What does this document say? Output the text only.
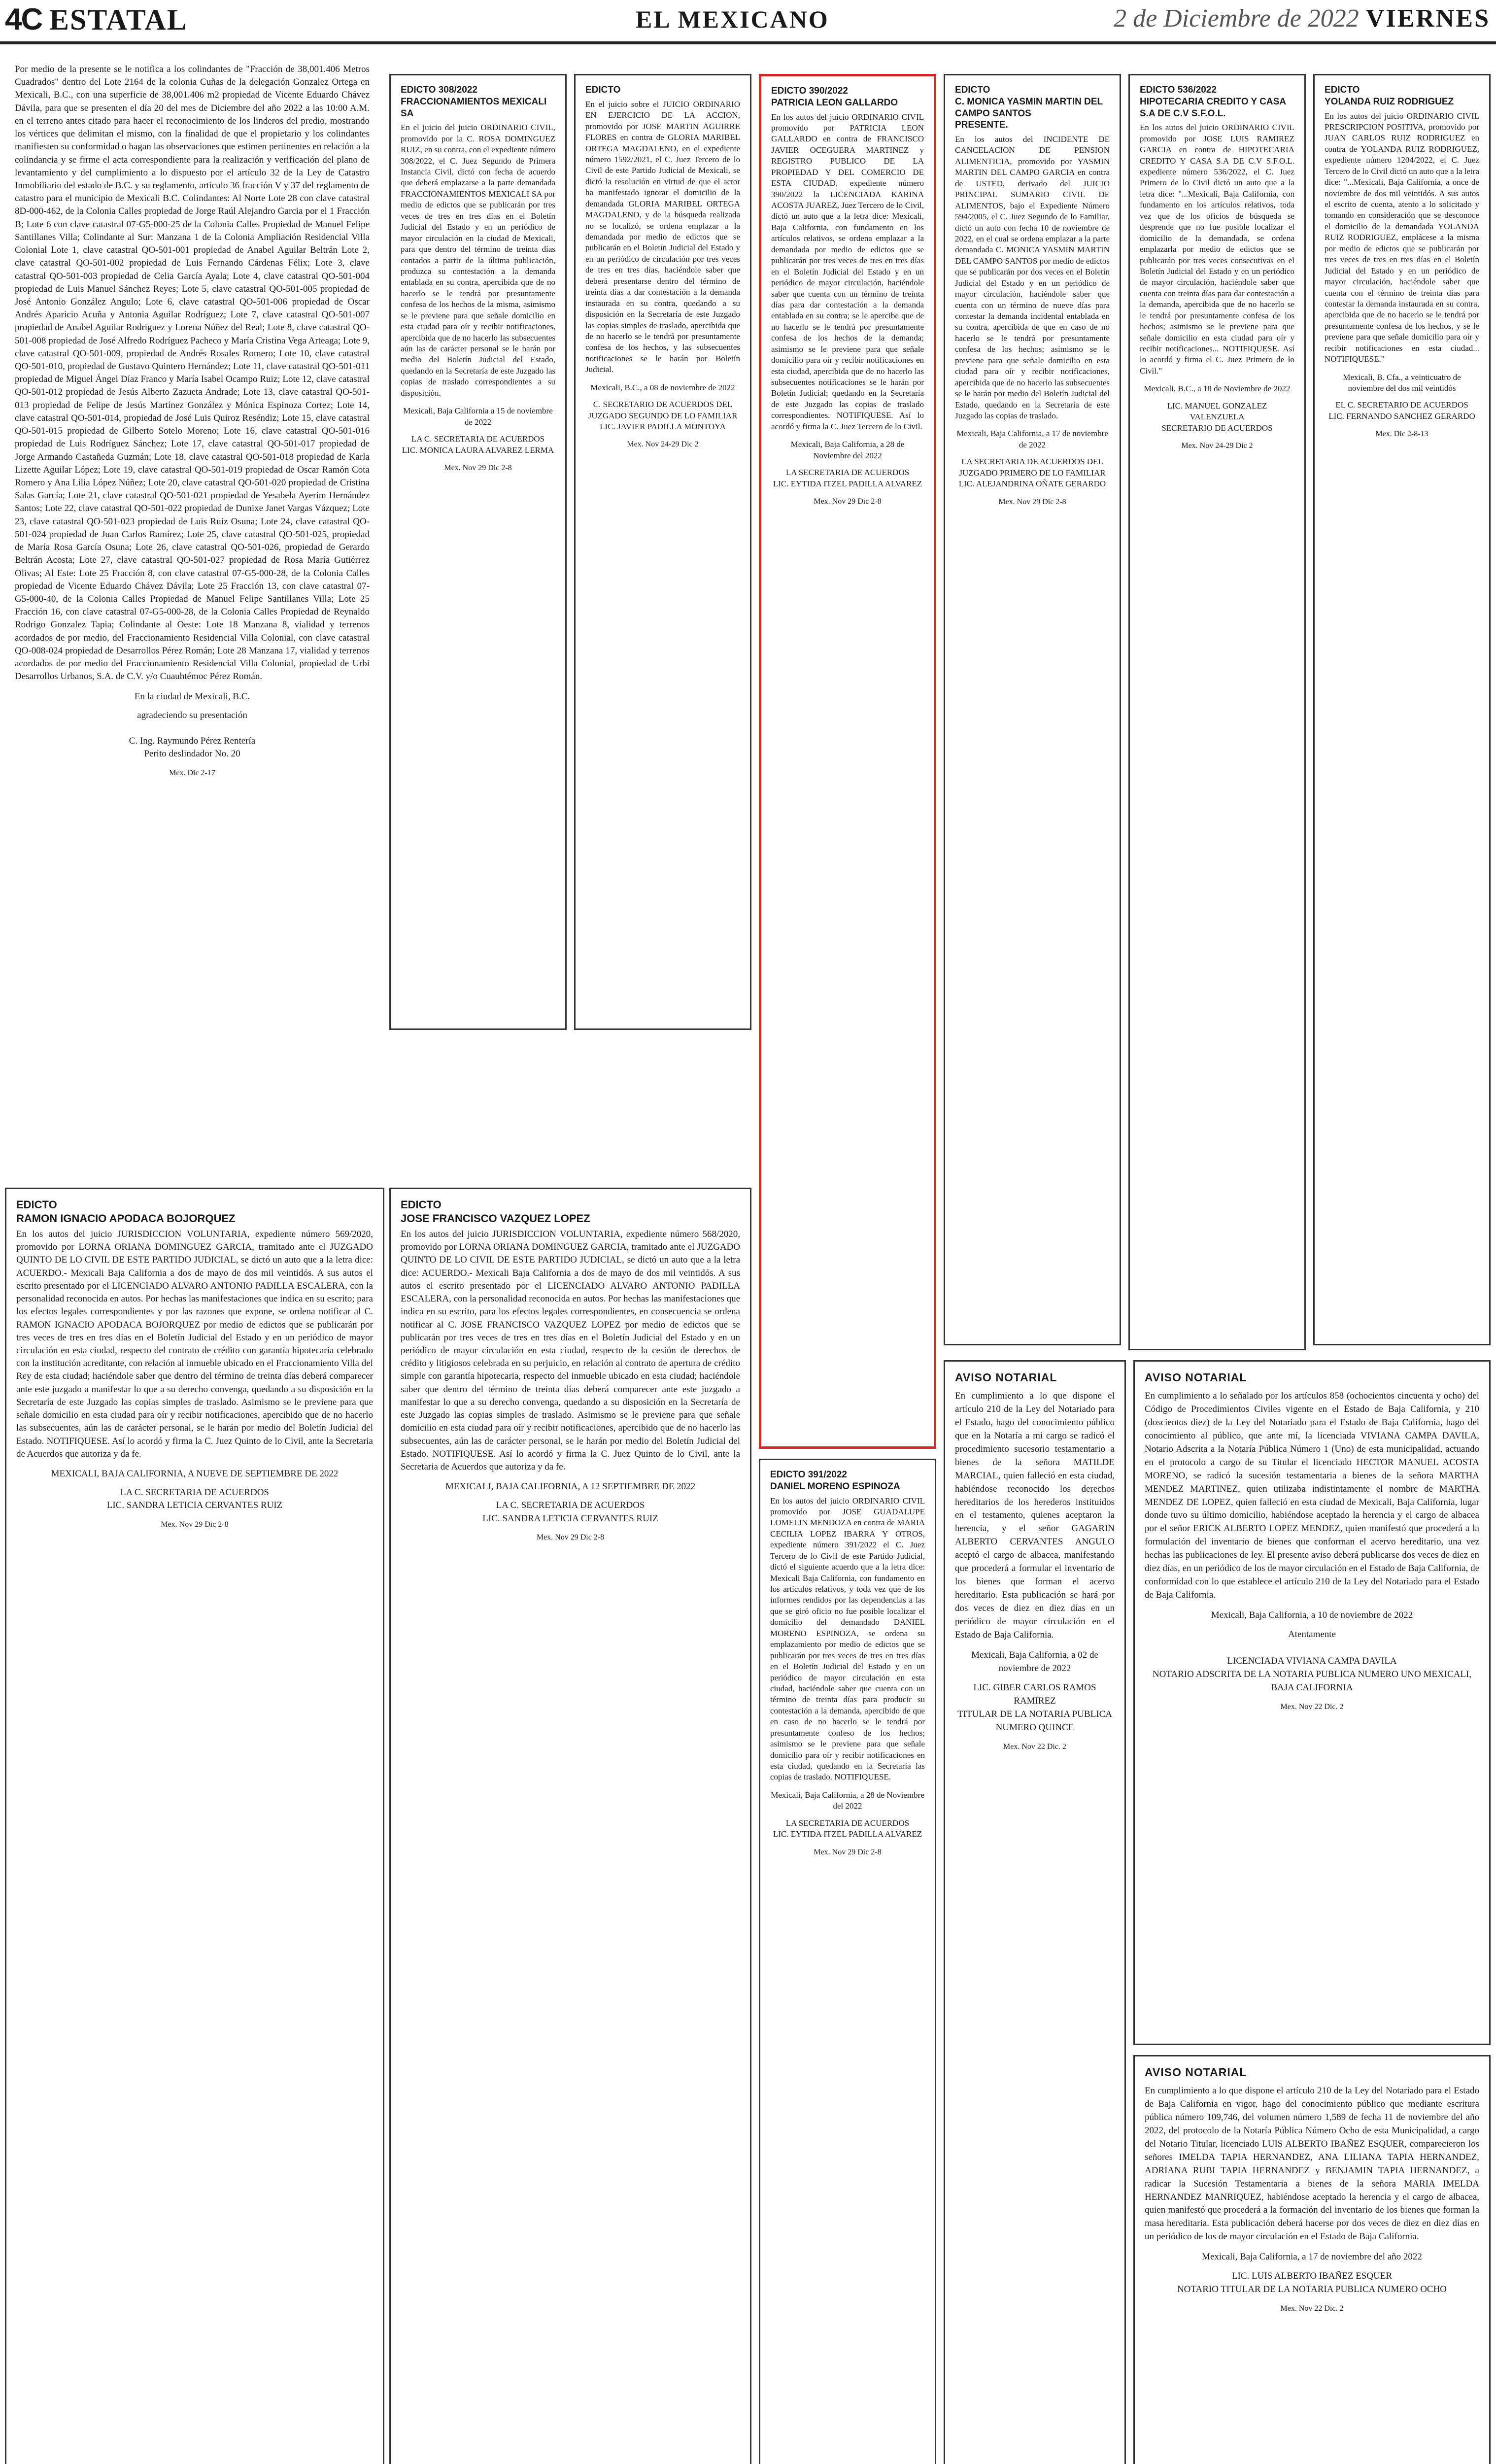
4C ESTATAL	EL MEXICANO	2 de Diciembre de 2022 VIERNES
Por medio de la presente se le notifica a los colindantes de "Fracción de 38,001.406 Metros Cuadrados" dentro del Lote 2164 de la colonia Cuñas de la delegación Gonzalez Ortega en Mexicali, B.C., con una superficie de 38,001.406 m2 propiedad de Vicente Eduardo Chávez Dávila, para que se presenten el día 20 del mes de Diciembre del año 2022 a las 10:00 A.M. en el terreno antes citado para hacer el reconocimiento de los linderos del predio, mostrando los vértices que delimitan el mismo, con la finalidad de que el propietario y los colindantes manifiesten su conformidad o hagan las observaciones que estimen pertinentes en relación a la colindancia y se firme el acta correspondiente para la realización y verificación del plano de levantamiento y del cumplimiento a lo dispuesto por el artículo 32 de la Ley de Catastro Inmobiliario del estado de B.C. y su reglamento, artículo 36 fracción V y 37 del reglamento de catastro para el municipio de Mexicali B.C. Colindantes: Al Norte Lote 28 con clave catastral 8D-000-462, de la Colonia Calles propiedad de Jorge Raúl Alejandro Garcia por el 1 Fracción B; Lote 6 con clave catastral 07-G5-000-25 de la Colonia Calles Propiedad de Manuel Felipe Santillanes Villa; Colindante al Sur: Manzana 1 de la Colonia Ampliación Residencial Villa Colonial Lote 1, clave catastral QO-501-001 propiedad de Anabel Aguilar Beltrán Lote 2, clave catastral QO-501-002 propiedad de Luis Fernando Cárdenas Félix; Lote 3, clave catastral QO-501-003 propiedad de Celia García Ayala; Lote 4, clave catastral QO-501-004 propiedad de Luis Manuel Sánchez Reyes; Lote 5, clave catastral QO-501-005 propiedad de José Antonio González Angulo; Lote 6, clave catastral QO-501-006 propiedad de Oscar Andrés Aparicio Acuña y Antonia Aguilar Rodríguez; Lote 7, clave catastral QO-501-007 propiedad de Anabel Aguilar Rodríguez y Lorena Núñez del Real; Lote 8, clave catastral QO-501-008 propiedad de José Alfredo Rodríguez Pacheco y María Cristina Vega Arteaga; Lote 9, clave catastral QO-501-009, propiedad de Andrés Rosales Romero; Lote 10, clave catastral QO-501-010, propiedad de Gustavo Quintero Hernández; Lote 11, clave catastral QO-501-011 propiedad de Miguel Ángel Díaz Franco y María Isabel Ocampo Ruiz; Lote 12, clave catastral QO-501-012 propiedad de Jesús Alberto Zazueta Andrade; Lote 13, clave catastral QO-501-013 propiedad de Felipe de Jesús Martínez González y Mónica Espinoza Cortez; Lote 14, clave catastral QO-501-014, propiedad de José Luis Quiroz Reséndiz; Lote 15, clave catastral QO-501-015 propiedad de Gilberto Sotelo Moreno; Lote 16, clave catastral QO-501-016 propiedad de Luis Rodríguez Sánchez; Lote 17, clave catastral QO-501-017 propiedad de Jorge Armando Castañeda Guzmán; Lote 18, clave catastral QO-501-018 propiedad de Karla Lizette Aguilar López; Lote 19, clave catastral QO-501-019 propiedad de Oscar Ramón Cota Romero y Ana Lilia López Núñez; Lote 20, clave catastral QO-501-020 propiedad de Cristina Salas García; Lote 21, clave catastral QO-501-021 propiedad de Yesabela Ayerim Hernández Santos; Lote 22, clave catastral QO-501-022 propiedad de Dunixe Janet Vargas Vázquez; Lote 23, clave catastral QO-501-023 propiedad de Luis Ruiz Osuna; Lote 24, clave catastral QO-501-024 propiedad de Juan Carlos Ramírez; Lote 25, clave catastral QO-501-025, propiedad de María Rosa García Osuna; Lote 26, clave catastral QO-501-026, propiedad de Gerardo Beltrán Acosta; Lote 27, clave catastral QO-501-027 propiedad de Rosa María Gutiérrez Olivas; Al Este: Lote 25 Fracción 8, con clave catastral 07-G5-000-28, de la Colonia Calles propiedad de Vicente Eduardo Chávez Dávila; Lote 25 Fracción 13, con clave catastral 07-G5-000-40, de la Colonia Calles Propiedad de Manuel Felipe Santillanes Villa; Lote 25 Fracción 16, con clave catastral 07-G5-000-28, de la Colonia Calles Propiedad de Reynaldo Rodrigo Gonzalez Tapia; Colindante al Oeste: Lote 18 Manzana 8, vialidad y terrenos acordados de por medio, del Fraccionamiento Residencial Villa Colonial, con clave catastral QO-008-024 propiedad de Desarrollos Pérez Román; Lote 28 Manzana 17, vialidad y terrenos acordados de por medio del Fraccionamiento Residencial Villa Colonial, propiedad de Urbi Desarrollos Urbanos, S.A. de C.V. y/o Cuauhtémoc Pérez Román.
En la ciudad de Mexicali, B.C.
agradeciendo su presentación

C. Ing. Raymundo Pérez Rentería
Perito deslindador No. 20
Mex. Dic 2-17
EDICTO 308/2022
FRACCIONAMIENTOS MEXICALI SA
En el juicio del juicio ORDINARIO CIVIL, promovido por la C. ROSA DOMINGUEZ RUIZ, en su contra, con el expediente número 308/2022, el C. Juez Segundo de Primera Instancia Civil, dictó con fecha de acuerdo que deberá emplazarse a la parte demandada FRACCIONAMIENTOS MEXICALI SA por medio de edictos que se publicarán por tres veces de tres en tres días en el Boletín Judicial del Estado y en un periódico de mayor circulación en la ciudad de Mexicali, para que dentro del término de treinta días contados a partir de la última publicación, produzca su contestación a la demanda entablada en su contra, apercibida que de no hacerlo se le tendrá por presuntamente confesa de los hechos de la misma, asimismo se le previene para que señale domicilio en esta ciudad para oír y recibir notificaciones, apercibida que de no hacerlo las subsecuentes aún las de carácter personal se le harán por medio del Boletín Judicial del Estado, quedando en la Secretaría de este Juzgado las copias de traslado correspondientes a su disposición.
Mexicali, Baja California a 15 de noviembre de 2022
LA C. SECRETARIA DE ACUERDOS
LIC. MONICA LAURA ALVAREZ LERMA
Mex. Nov 29 Dic 2-8
EDICTO
En el juicio sobre el JUICIO ORDINARIO EN EJERCICIO DE LA ACCION, promovido por JOSE MARTIN AGUIRRE FLORES en contra de GLORIA MARIBEL ORTEGA MAGDALENO, en el expediente número 1592/2021, el C. Juez Tercero de lo Civil de este Partido Judicial de Mexicali, se dictó la resolución en virtud de que el actor ha manifestado ignorar el domicilio de la demandada GLORIA MARIBEL ORTEGA MAGDALENO, y de la búsqueda realizada no se localizó, se ordena emplazar a la demandada por medio de edictos que se publicarán en el Boletín Judicial del Estado y en un periódico de circulación por tres veces de tres en tres días, haciéndole saber que deberá presentarse dentro del término de treinta días a dar contestación a la demanda instaurada en su contra, quedando a su disposición en la Secretaría de este Juzgado las copias simples de traslado, apercibida que de no hacerlo se le tendrá por presuntamente confesa de los hechos, y las subsecuentes notificaciones se le harán por Boletín Judicial.
Mexicali, B.C., a 08 de noviembre de 2022
C. SECRETARIO DE ACUERDOS DEL JUZGADO SEGUNDO DE LO FAMILIAR
LIC. JAVIER PADILLA MONTOYA
Mex. Nov 24-29 Dic 2
EDICTO 390/2022
PATRICIA LEON GALLARDO
En los autos del juicio ORDINARIO CIVIL promovido por PATRICIA LEON GALLARDO en contra de FRANCISCO JAVIER OCEGUERA MARTINEZ y REGISTRO PUBLICO DE LA PROPIEDAD Y DEL COMERCIO DE ESTA CIUDAD, expediente número 390/2022 la LICENCIADA KARINA ACOSTA JUAREZ, Juez Tercero de lo Civil, dictó un auto que a la letra dice: Mexicali, Baja California, con fundamento en los artículos relativos, se ordena emplazar a la demandada por medio de edictos que se publicarán por tres veces de tres en tres días en el Boletín Judicial del Estado y en un periódico de mayor circulación, haciéndole saber que cuenta con un término de treinta días para dar contestación a la demanda entablada en su contra; se le apercibe que de no hacerlo se le tendrá por presuntamente confesa de los hechos de la demanda; asimismo se le previene para que señale domicilio para oír y recibir notificaciones en esta ciudad, apercibida que de no hacerlo las subsecuentes notificaciones se le harán por Boletín Judicial; quedando en la Secretaría de este Juzgado las copias de traslado correspondientes. NOTIFIQUESE. Así lo acordó y firma la C. Juez Tercero de lo Civil.
Mexicali, Baja California, a 28 de Noviembre del 2022
LA SECRETARIA DE ACUERDOS
LIC. EYTIDA ITZEL PADILLA ALVAREZ
Mex. Nov 29 Dic 2-8
EDICTO
C. MONICA YASMIN MARTIN DEL CAMPO SANTOS
PRESENTE.
En los autos del INCIDENTE DE CANCELACION DE PENSION ALIMENTICIA, promovido por YASMIN MARTIN DEL CAMPO GARCIA en contra de USTED, derivado del JUICIO PRINCIPAL SUMARIO CIVIL DE ALIMENTOS, bajo el Expediente Número 594/2005, el C. Juez Segundo de lo Familiar, dictó un auto con fecha 10 de noviembre de 2022, en el cual se ordena emplazar a la parte demandada C. MONICA YASMIN MARTIN DEL CAMPO SANTOS por medio de edictos que se publicarán por dos veces en el Boletín Judicial del Estado y en un periódico de mayor circulación, haciéndole saber que cuenta con un término de nueve días para contestar la demanda incidental entablada en su contra, apercibida de que en caso de no hacerlo se le tendrá por presuntamente confesa de los hechos; asimismo se le previene para que señale domicilio en esta ciudad para oír y recibir notificaciones, apercibida que de no hacerlo las subsecuentes se le harán por medio del Boletín Judicial del Estado, quedando en la Secretaría de este Juzgado las copias de traslado.
Mexicali, Baja California, a 17 de noviembre de 2022
LA SECRETARIA DE ACUERDOS DEL JUZGADO PRIMERO DE LO FAMILIAR
LIC. ALEJANDRINA OÑATE GERARDO
Mex. Nov 29 Dic 2-8
EDICTO 536/2022
HIPOTECARIA CREDITO Y CASA S.A DE C.V S.F.O.L.
En los autos del juicio ORDINARIO CIVIL promovido por JOSE LUIS RAMIREZ GARCIA en contra de HIPOTECARIA CREDITO Y CASA S.A DE C.V S.F.O.L. expediente número 536/2022, el C. Juez Primero de lo Civil dictó un auto que a la letra dice: "...Mexicali, Baja California, con fundamento en los artículos relativos, toda vez que de los oficios de búsqueda se desprende que no fue posible localizar el domicilio de la demandada, se ordena emplazarla por medio de edictos que se publicarán por tres veces consecutivas en el Boletín Judicial del Estado y en un periódico de mayor circulación, haciéndole saber que cuenta con treinta días para dar contestación a la demanda, apercibida que de no hacerlo se le tendrá por presuntamente confesa de los hechos; asimismo se le previene para que señale domicilio en esta ciudad para oír y recibir notificaciones... NOTIFIQUESE. Así lo acordó y firma el C. Juez Primero de lo Civil."
Mexicali, B.C., a 18 de Noviembre de 2022
LIC. MANUEL GONZALEZ VALENZUELA
SECRETARIO DE ACUERDOS
Mex. Nov 24-29 Dic 2
EDICTO
YOLANDA RUIZ RODRIGUEZ
En los autos del juicio ORDINARIO CIVIL PRESCRIPCION POSITIVA, promovido por JUAN CARLOS RUIZ RODRIGUEZ en contra de YOLANDA RUIZ RODRIGUEZ, expediente número 1204/2022, el C. Juez Tercero de lo Civil dictó un auto que a la letra dice: "...Mexicali, Baja California, a once de noviembre de dos mil veintidós. A sus autos el escrito de cuenta, atento a lo solicitado y tomando en consideración que se desconoce el domicilio de la demandada YOLANDA RUIZ RODRIGUEZ, emplácese a la misma por medio de edictos que se publicarán por tres veces de tres en tres días en el Boletín Judicial del Estado y en un periódico de mayor circulación, haciéndole saber que cuenta con el término de treinta días para contestar la demanda instaurada en su contra, apercibida que de no hacerlo se le tendrá por presuntamente confesa de los hechos, y se le previene para que señale domicilio para oír y recibir notificaciones en esta ciudad... NOTIFIQUESE."
Mexicali, B. Cfa., a veinticuatro de noviembre del dos mil veintidós
EL C. SECRETARIO DE ACUERDOS
LIC. FERNANDO SANCHEZ GERARDO
Mex. Dic 2-8-13
EDICTO
RAMON IGNACIO APODACA BOJORQUEZ
En los autos del juicio JURISDICCION VOLUNTARIA, expediente número 569/2020, promovido por LORNA ORIANA DOMINGUEZ GARCIA, tramitado ante el JUZGADO QUINTO DE LO CIVIL DE ESTE PARTIDO JUDICIAL, se dictó un auto que a la letra dice: ACUERDO.- Mexicali Baja California a dos de mayo de dos mil veintidós. A sus autos el escrito presentado por el LICENCIADO ALVARO ANTONIO PADILLA ESCALERA, con la personalidad reconocida en autos. Por hechas las manifestaciones que indica en su escrito; para los efectos legales correspondientes y por las razones que expone, se ordena notificar al C. RAMON IGNACIO APODACA BOJORQUEZ por medio de edictos que se publicarán por tres veces de tres en tres días en el Boletín Judicial del Estado y en un periódico de mayor circulación en esta ciudad, respecto del contrato de crédito con garantía hipotecaria celebrado con la institución acreditante, con relación al inmueble ubicado en el Fraccionamiento Villa del Rey de esta ciudad; haciéndole saber que dentro del término de treinta días deberá comparecer ante este juzgado a manifestar lo que a su derecho convenga, quedando a su disposición en la Secretaría de este Juzgado las copias simples de traslado. Asimismo se le previene para que señale domicilio en esta ciudad para oír y recibir notificaciones, apercibido que de no hacerlo las subsecuentes, aún las de carácter personal, se le harán por medio del Boletín Judicial del Estado. NOTIFIQUESE. Así lo acordó y firma la C. Juez Quinto de lo Civil, ante la Secretaria de Acuerdos que autoriza y da fe.
MEXICALI, BAJA CALIFORNIA, A NUEVE DE SEPTIEMBRE DE 2022
LA C. SECRETARIA DE ACUERDOS
LIC. SANDRA LETICIA CERVANTES RUIZ
Mex. Nov 29 Dic 2-8
EDICTO
JOSE FRANCISCO VAZQUEZ LOPEZ
En los autos del juicio JURISDICCION VOLUNTARIA, expediente número 568/2020, promovido por LORNA ORIANA DOMINGUEZ GARCIA, tramitado ante el JUZGADO QUINTO DE LO CIVIL DE ESTE PARTIDO JUDICIAL, se dictó un auto que a la letra dice: ACUERDO.- Mexicali Baja California a dos de mayo de dos mil veintidós. A sus autos el escrito presentado por el LICENCIADO ALVARO ANTONIO PADILLA ESCALERA, con la personalidad reconocida en autos. Por hechas las manifestaciones que indica en su escrito, para los efectos legales correspondientes, en consecuencia se ordena notificar al C. JOSE FRANCISCO VAZQUEZ LOPEZ por medio de edictos que se publicarán por tres veces de tres en tres días en el Boletín Judicial del Estado y en un periódico de mayor circulación en esta ciudad, respecto de la cesión de derechos de crédito y litigiosos celebrada en su perjuicio, en relación al contrato de apertura de crédito simple con garantía hipotecaria, respecto del inmueble ubicado en esta ciudad; haciéndole saber que dentro del término de treinta días deberá comparecer ante este juzgado a manifestar lo que a su derecho convenga, quedando a su disposición en la Secretaría de este Juzgado las copias simples de traslado. Asimismo se le previene para que señale domicilio en esta ciudad para oír y recibir notificaciones, apercibido que de no hacerlo las subsecuentes, aún las de carácter personal, se le harán por medio del Boletín Judicial del Estado. NOTIFIQUESE. Así lo acordó y firma la C. Juez Quinto de lo Civil, ante la Secretaria de Acuerdos que autoriza y da fe.
MEXICALI, BAJA CALIFORNIA, A 12 SEPTIEMBRE DE 2022
LA C. SECRETARIA DE ACUERDOS
LIC. SANDRA LETICIA CERVANTES RUIZ
Mex. Nov 29 Dic 2-8
EDICTO 391/2022
DANIEL MORENO ESPINOZA
En los autos del juicio ORDINARIO CIVIL promovido por JOSE GUADALUPE LOMELIN MENDOZA en contra de MARIA CECILIA LOPEZ IBARRA Y OTROS, expediente número 391/2022 el C. Juez Tercero de lo Civil de este Partido Judicial, dictó el siguiente acuerdo que a la letra dice: Mexicali Baja California, con fundamento en los artículos relativos, y toda vez que de los informes rendidos por las dependencias a las que se giró oficio no fue posible localizar el domicilio del demandado DANIEL MORENO ESPINOZA, se ordena su emplazamiento por medio de edictos que se publicarán por tres veces de tres en tres días en el Boletín Judicial del Estado y en un periódico de mayor circulación en esta ciudad, haciéndole saber que cuenta con un término de treinta días para producir su contestación a la demanda, apercibido de que en caso de no hacerlo se le tendrá por presuntamente confeso de los hechos; asimismo se le previene para que señale domicilio para oír y recibir notificaciones en esta ciudad, quedando en la Secretaría las copias de traslado. NOTIFIQUESE.
Mexicali, Baja California, a 28 de Noviembre del 2022
LA SECRETARIA DE ACUERDOS
LIC. EYTIDA ITZEL PADILLA ALVAREZ
Mex. Nov 29 Dic 2-8
AVISO NOTARIAL
En cumplimiento a lo que dispone el artículo 210 de la Ley del Notariado para el Estado, hago del conocimiento público que en la Notaría a mi cargo se radicó el procedimiento sucesorio testamentario a bienes de la señora MATILDE MARCIAL, quien falleció en esta ciudad, habiéndose reconocido los derechos hereditarios de los herederos instituidos en el testamento, quienes aceptaron la herencia, y el señor GAGARIN ALBERTO CERVANTES ANGULO aceptó el cargo de albacea, manifestando que procederá a formular el inventario de los bienes que forman el acervo hereditario. Esta publicación se hará por dos veces de diez en diez días en un periódico de mayor circulación en el Estado de Baja California.
Mexicali, Baja California, a 02 de noviembre de 2022
LIC. GIBER CARLOS RAMOS RAMIREZ
TITULAR DE LA NOTARIA PUBLICA NUMERO QUINCE
Mex. Nov 22 Dic. 2
AVISO NOTARIAL
En cumplimiento a lo señalado por los artículos 858 (ochocientos cincuenta y ocho) del Código de Procedimientos Civiles vigente en el Estado de Baja California, y 210 (doscientos diez) de la Ley del Notariado para el Estado de Baja California, hago del conocimiento al público, que ante mí, la licenciada VIVIANA CAMPA DAVILA, Notario Adscrita a la Notaría Pública Número 1 (Uno) de esta municipalidad, actuando en el protocolo a cargo de su Titular el licenciado HECTOR MANUEL ACOSTA MORENO, se radicó la sucesión testamentaria a bienes de la señora MARTHA MENDEZ MARTINEZ, quien utilizaba indistintamente el nombre de MARTHA MENDEZ DE LOPEZ, quien falleció en esta ciudad de Mexicali, Baja California, lugar donde tuvo su último domicilio, habiéndose aceptado la herencia y el cargo de albacea por el señor ERICK ALBERTO LOPEZ MENDEZ, quien manifestó que procederá a la formulación del inventario de bienes que conforman el acervo hereditario, una vez hechas las publicaciones de ley. El presente aviso deberá publicarse dos veces de diez en diez días, en un periódico de los de mayor circulación en el Estado de Baja California, de conformidad con lo que establece el artículo 210 de la Ley del Notariado para el Estado de Baja California.
Mexicali, Baja California, a 10 de noviembre de 2022
Atentamente

LICENCIADA VIVIANA CAMPA DAVILA
NOTARIO ADSCRITA DE LA NOTARIA PUBLICA NUMERO UNO MEXICALI, BAJA CALIFORNIA
Mex. Nov 22 Dic. 2
AVISO NOTARIAL
En cumplimiento a lo que dispone el artículo 210 de la Ley del Notariado para el Estado de Baja California en vigor, hago del conocimiento público que mediante escritura pública número 109,746, del volumen número 1,589 de fecha 11 de noviembre del año 2022, del protocolo de la Notaría Pública Número Ocho de esta Municipalidad, a cargo del Notario Titular, licenciado LUIS ALBERTO IBAÑEZ ESQUER, comparecieron los señores IMELDA TAPIA HERNANDEZ, ANA LILIANA TAPIA HERNANDEZ, ADRIANA RUBI TAPIA HERNANDEZ y BENJAMIN TAPIA HERNANDEZ, a radicar la Sucesión Testamentaria a bienes de la señora MARIA IMELDA HERNANDEZ MANRIQUEZ, habiéndose aceptado la herencia y el cargo de albacea, quien manifestó que procederá a la formación del inventario de los bienes que forman la masa hereditaria. Esta publicación deberá hacerse por dos veces de diez en diez días en un periódico de los de mayor circulación en el Estado de Baja California.
Mexicali, Baja California, a 17 de noviembre del año 2022
LIC. LUIS ALBERTO IBAÑEZ ESQUER
NOTARIO TITULAR DE LA NOTARIA PUBLICA NUMERO OCHO
Mex. Nov 22 Dic. 2
